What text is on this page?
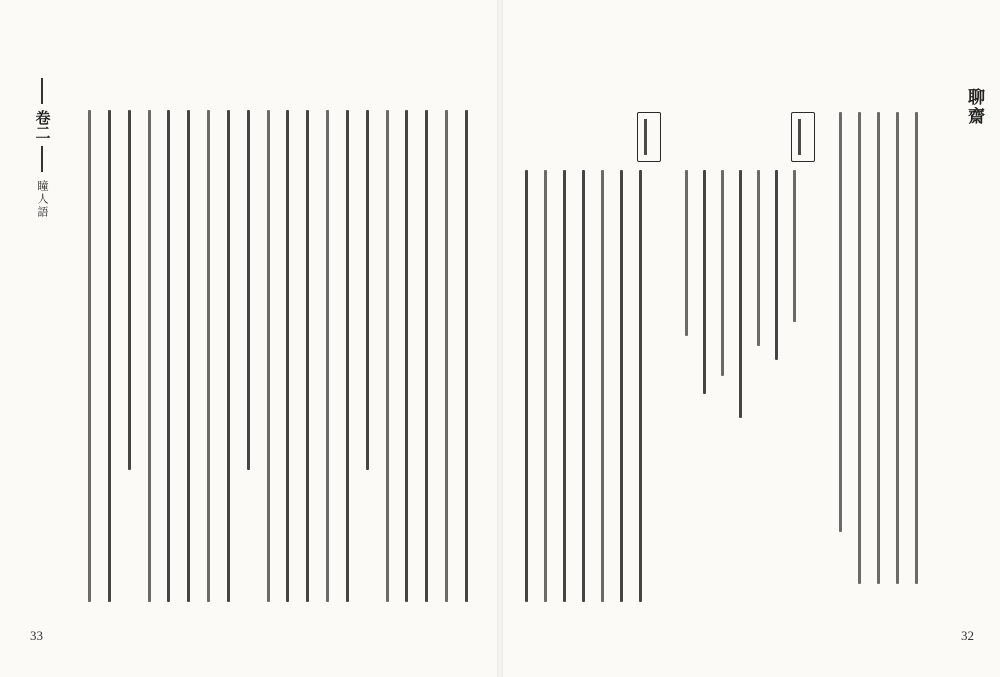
卷二
瞳人語
33	32
聊齋
